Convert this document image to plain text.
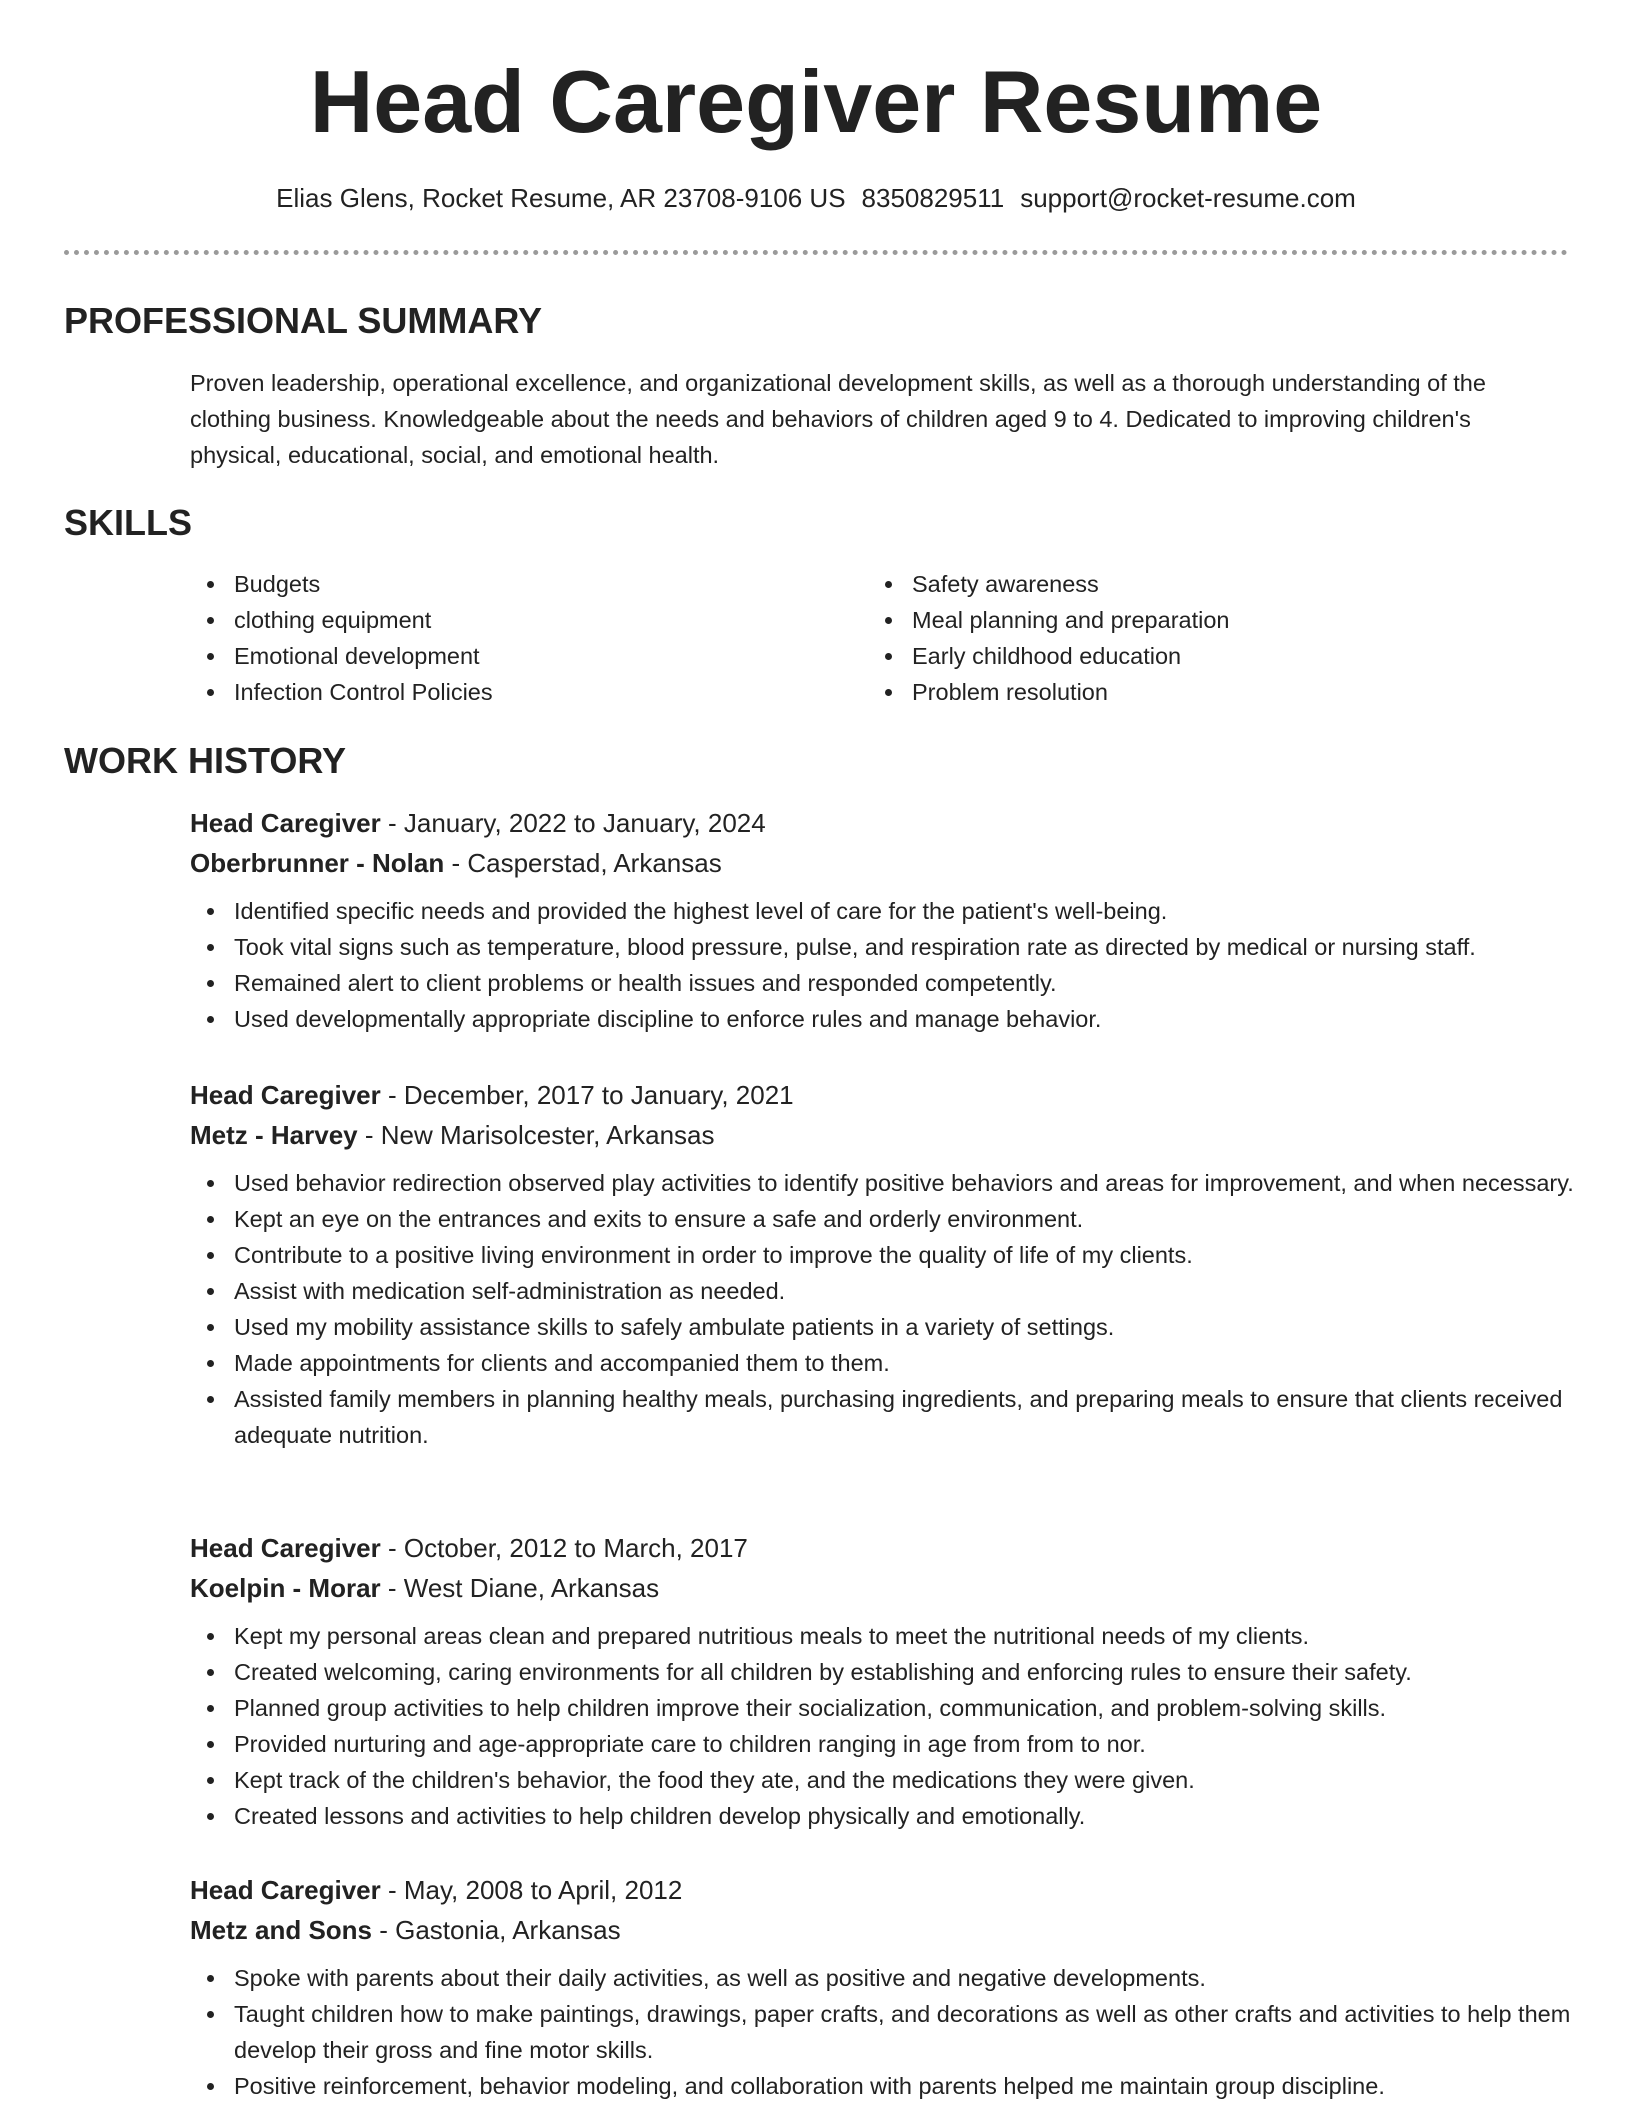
Head Caregiver Resume
Elias Glens, Rocket Resume, AR 23708-9106 US 8350829511 support@rocket-resume.com
PROFESSIONAL SUMMARY

Proven leadership, operational excellence, and organizational development skills, as well as a thorough understanding of the clothing business. Knowledgeable about the needs and behaviors of children aged 9 to 4. Dedicated to improving children's physical, educational, social, and emotional health.

SKILLS
Budgets
clothing equipment
Emotional development
Infection Control Policies
Safety awareness
Meal planning and preparation
Early childhood education
Problem resolution
WORK HISTORY
Head Caregiver - January, 2022 to January, 2024
Oberbrunner - Nolan - Casperstad, Arkansas
Identified specific needs and provided the highest level of care for the patient's well-being.
Took vital signs such as temperature, blood pressure, pulse, and respiration rate as directed by medical or nursing staff.
Remained alert to client problems or health issues and responded competently.
Used developmentally appropriate discipline to enforce rules and manage behavior.
Head Caregiver - December, 2017 to January, 2021
Metz - Harvey - New Marisolcester, Arkansas
Used behavior redirection observed play activities to identify positive behaviors and areas for improvement, and when necessary.
Kept an eye on the entrances and exits to ensure a safe and orderly environment.
Contribute to a positive living environment in order to improve the quality of life of my clients.
Assist with medication self-administration as needed.
Used my mobility assistance skills to safely ambulate patients in a variety of settings.
Made appointments for clients and accompanied them to them.
Assisted family members in planning healthy meals, purchasing ingredients, and preparing meals to ensure that clients received adequate nutrition.
Head Caregiver - October, 2012 to March, 2017
Koelpin - Morar - West Diane, Arkansas
Kept my personal areas clean and prepared nutritious meals to meet the nutritional needs of my clients.
Created welcoming, caring environments for all children by establishing and enforcing rules to ensure their safety.
Planned group activities to help children improve their socialization, communication, and problem-solving skills.
Provided nurturing and age-appropriate care to children ranging in age from from to nor.
Kept track of the children's behavior, the food they ate, and the medications they were given.
Created lessons and activities to help children develop physically and emotionally.
Head Caregiver - May, 2008 to April, 2012
Metz and Sons - Gastonia, Arkansas
Spoke with parents about their daily activities, as well as positive and negative developments.
Taught children how to make paintings, drawings, paper crafts, and decorations as well as other crafts and activities to help them develop their gross and fine motor skills.
Positive reinforcement, behavior modeling, and collaboration with parents helped me maintain group discipline.
